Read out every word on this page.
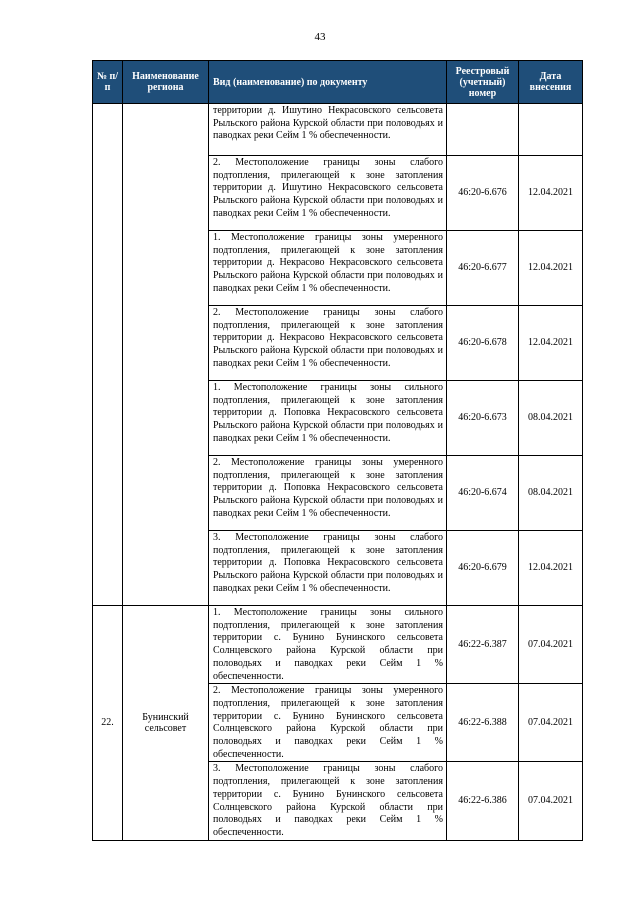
43
№ п/п	Наименование региона	Вид (наименование) по документу	Реестровый (учетный) номер	Дата внесения
		территории д. Ишутино Некрасовского сельсовета Рыльского района Курской области при половодьях и паводках реки Сейм 1 % обеспеченности.		
		2. Местоположение границы зоны слабого подтопления, прилегающей к зоне затопления территории д. Ишутино Некрасовского сельсовета Рыльского района Курской области при половодьях и паводках реки Сейм 1 % обеспеченности.	46:20-6.676	12.04.2021
		1. Местоположение границы зоны умеренного подтопления, прилегающей к зоне затопления территории д. Некрасово Некрасовского сельсовета Рыльского района Курской области при половодьях и паводках реки Сейм 1 % обеспеченности.	46:20-6.677	12.04.2021
		2. Местоположение границы зоны слабого подтопления, прилегающей к зоне затопления территории д. Некрасово Некрасовского сельсовета Рыльского района Курской области при половодьях и паводках реки Сейм 1 % обеспеченности.	46:20-6.678	12.04.2021
		1. Местоположение границы зоны сильного подтопления, прилегающей к зоне затопления территории д. Поповка Некрасовского сельсовета Рыльского района Курской области при половодьях и паводках реки Сейм 1 % обеспеченности.	46:20-6.673	08.04.2021
		2. Местоположение границы зоны умеренного подтопления, прилегающей к зоне затопления территории д. Поповка Некрасовского сельсовета Рыльского района Курской области при половодьях и паводках реки Сейм 1 % обеспеченности.	46:20-6.674	08.04.2021
		3. Местоположение границы зоны слабого подтопления, прилегающей к зоне затопления территории д. Поповка Некрасовского сельсовета Рыльского района Курской области при половодьях и паводках реки Сейм 1 % обеспеченности.	46:20-6.679	12.04.2021
22.	Бунинский сельсовет	1. Местоположение границы зоны сильного подтопления, прилегающей к зоне затопления территории с. Бунино Бунинского сельсовета Солнцевского района Курской области при половодьях и паводках реки Сейм 1 % обеспеченности.	46:22-6.387	07.04.2021
		2. Местоположение границы зоны умеренного подтопления, прилегающей к зоне затопления территории с. Бунино Бунинского сельсовета Солнцевского района Курской области при половодьях и паводках реки Сейм 1 % обеспеченности.	46:22-6.388	07.04.2021
		3. Местоположение границы зоны слабого подтопления, прилегающей к зоне затопления территории с. Бунино Бунинского сельсовета Солнцевского района Курской области при половодьях и паводках реки Сейм 1 % обеспеченности.	46:22-6.386	07.04.2021
